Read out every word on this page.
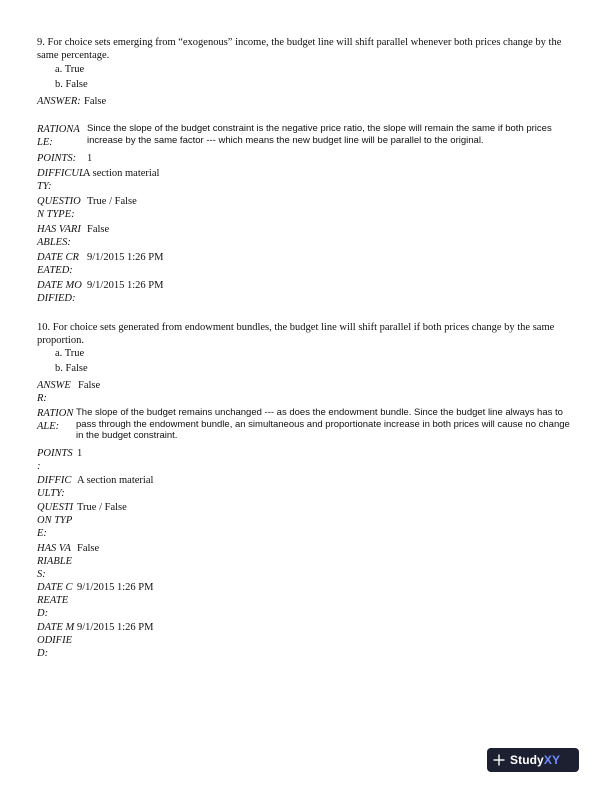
9. For choice sets emerging from “exogenous” income, the budget line will shift parallel whenever both prices change by the same percentage.
a. True
b. False
ANSWER: False
RATIONA
LE:
Since the slope of the budget constraint is the negative price ratio, the slope will remain the same if both prices increase by the same factor --- which means the new budget line will be parallel to the original.
POINTS: 1
DIFFICUL
TY:
A section material
QUESTIO
N TYPE:
True / False
HAS VARI
ABLES:
False
DATE CR
EATED:
9/1/2015 1:26 PM
DATE MO
DIFIED:
9/1/2015 1:26 PM
10. For choice sets generated from endowment bundles, the budget line will shift parallel if both prices change by the same proportion.
a. True
b. False
ANSWE
R:
False
RATION
ALE:
The slope of the budget remains unchanged --- as does the endowment bundle. Since the budget line always has to pass through the endowment bundle, an simultaneous and proportionate increase in both prices will cause no change in the budget constraint.
POINTS
:
1
DIFFIC
ULTY:
A section material
QUESTI
ON TYP
E:
True / False
HAS VA
RIABLE
S:
False
DATE C
REATE
D:
9/1/2015 1:26 PM
DATE M
ODIFIE
D:
9/1/2015 1:26 PM
StudyXY
